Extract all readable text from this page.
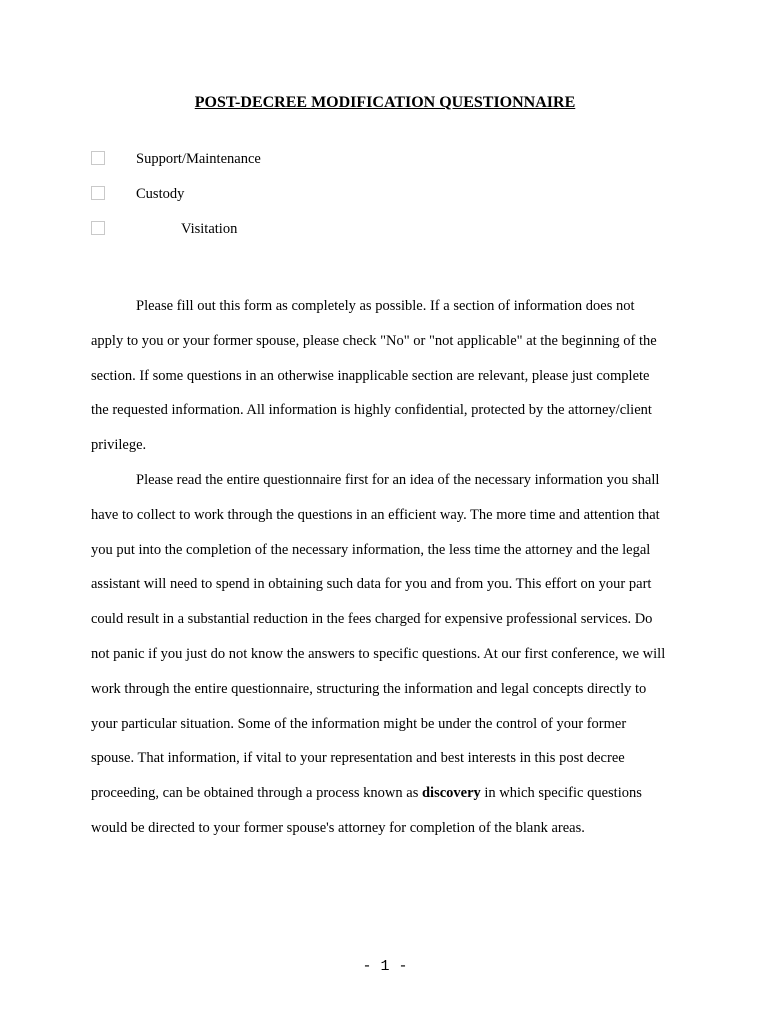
POST-DECREE MODIFICATION QUESTIONNAIRE
Support/Maintenance
Custody
Visitation
Please fill out this form as completely as possible. If a section of information does not
apply to you or your former spouse, please check "No" or "not applicable" at the beginning of the
section. If some questions in an otherwise inapplicable section are relevant, please just complete
the requested information. All information is highly confidential, protected by the attorney/client
privilege.
Please read the entire questionnaire first for an idea of the necessary information you shall
have to collect to work through the questions in an efficient way. The more time and attention that
you put into the completion of the necessary information, the less time the attorney and the legal
assistant will need to spend in obtaining such data for you and from you. This effort on your part
could result in a substantial reduction in the fees charged for expensive professional services. Do
not panic if you just do not know the answers to specific questions. At our first conference, we will
work through the entire questionnaire, structuring the information and legal concepts directly to
your particular situation. Some of the information might be under the control of your former
spouse. That information, if vital to your representation and best interests in this post decree
proceeding, can be obtained through a process known as discovery in which specific questions
would be directed to your former spouse's attorney for completion of the blank areas.
- 1 -
